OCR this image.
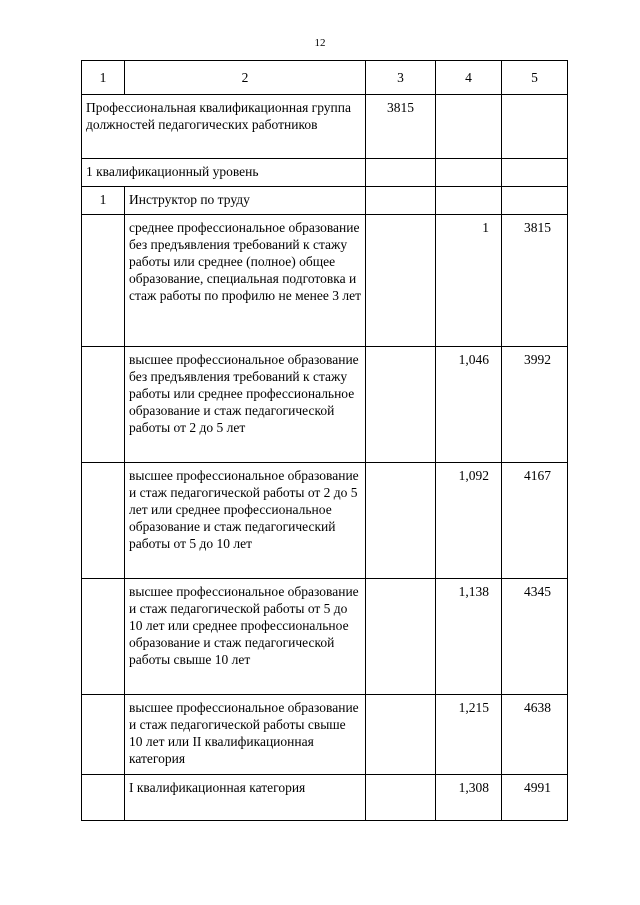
12
1	2	3	4	5
Профессиональная квалификационная группа должностей педагогических работников		3815		
1 квалификационный уровень				
1	Инструктор по труду			
	среднее профессиональное образование без предъявления требований к стажу работы или среднее (полное) общее образование, специальная подготовка и стаж работы по профилю не менее 3 лет		1	3815
	высшее профессиональное образование без предъявления требований к стажу работы или среднее профессиональное образование и стаж педагогической работы от 2 до 5 лет		1,046	3992
	высшее профессиональное образование и стаж педагогической работы от 2 до 5 лет или среднее профессиональное образование и стаж педагогический работы от 5 до 10 лет		1,092	4167
	высшее профессиональное образование и стаж педагогической работы от 5 до 10 лет или среднее профессиональное образование и стаж педагогической работы свыше 10 лет		1,138	4345
	высшее профессиональное образование и стаж педагогической работы свыше 10 лет или II квалификационная категория		1,215	4638
	I квалификационная категория		1,308	4991
